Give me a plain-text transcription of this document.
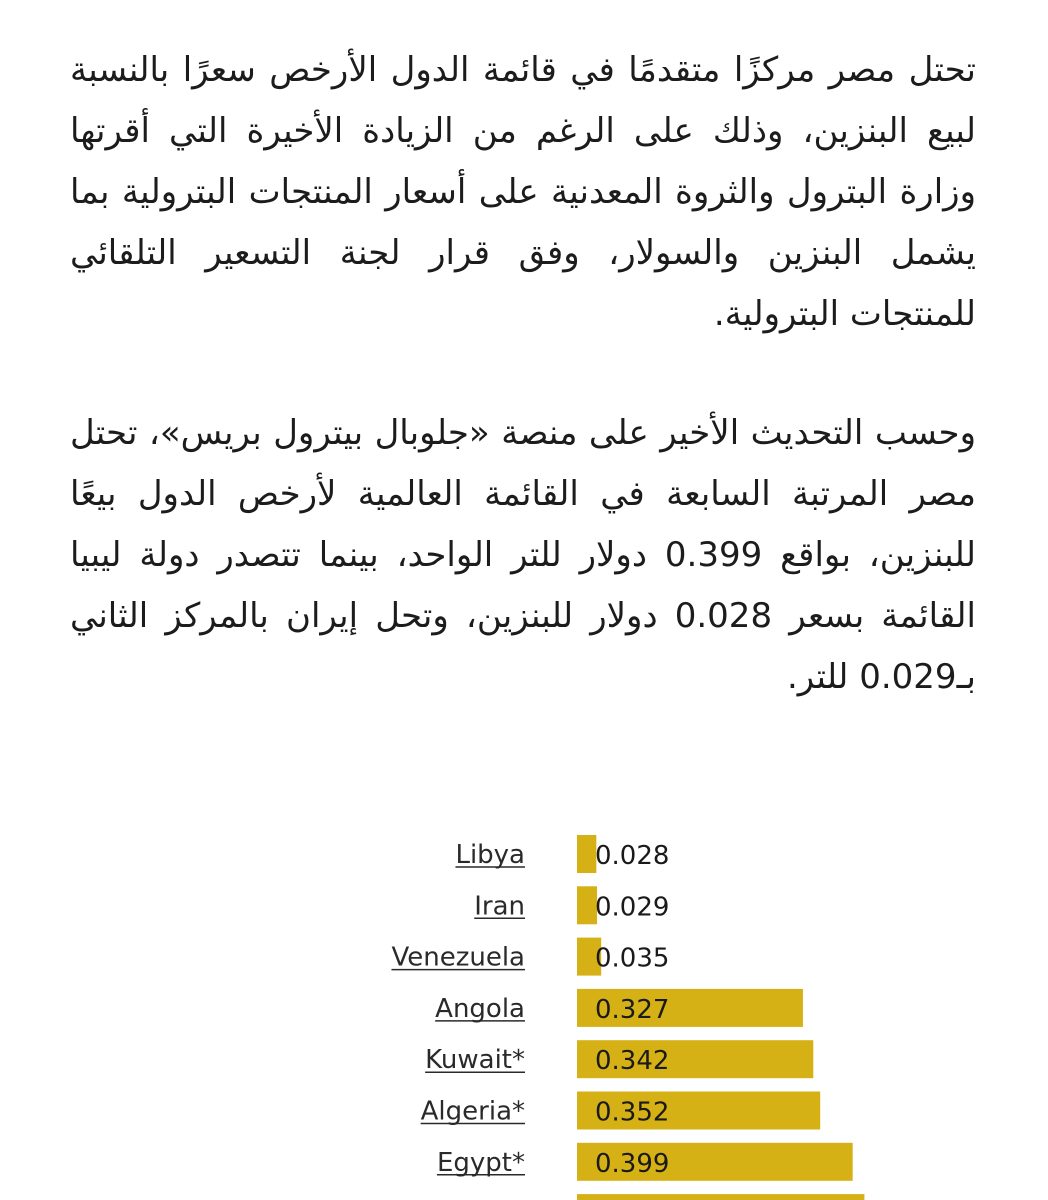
تحتل مصر مركزًا متقدمًا في قائمة الدول الأرخص سعرًا بالنسبة لبيع البنزين، وذلك على الرغم من الزيادة الأخيرة التي أقرتها وزارة البترول والثروة المعدنية على أسعار المنتجات البترولية بما يشمل البنزين والسولار، وفق قرار لجنة التسعير التلقائي للمنتجات البترولية.

وحسب التحديث الأخير على منصة «جلوبال بيترول بريس»، تحتل مصر المرتبة السابعة في القائمة العالمية لأرخص الدول بيعًا للبنزين، بواقع 0.399 دولار للتر الواحد، بينما تتصدر دولة ليبيا القائمة بسعر 0.028 دولار للبنزين، وتحل إيران بالمركز الثاني بـ0.029 للتر.

Libya	0.028
Iran	0.029
Venezuela	0.035
Angola	0.327
Kuwait*	0.342
Algeria*	0.352
Egypt*	0.399
